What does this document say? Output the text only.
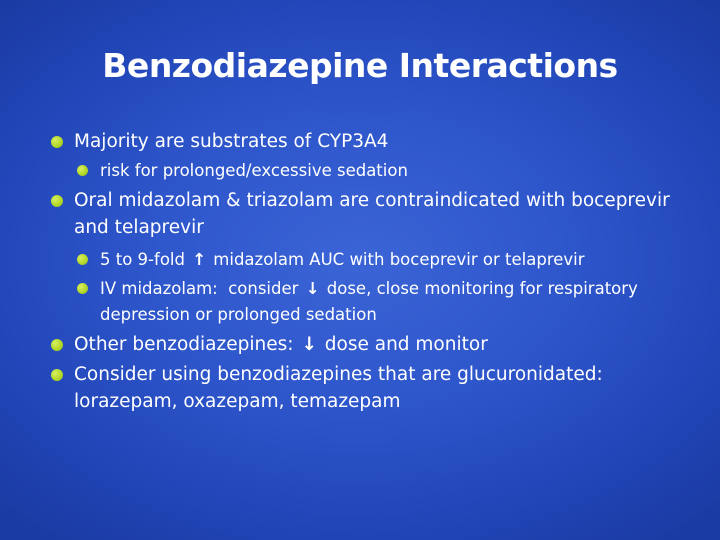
Benzodiazepine Interactions
Majority are substrates of CYP3A4
risk for prolonged/excessive sedation
Oral midazolam & triazolam are contraindicated with boceprevir and telaprevir
5 to 9-fold ↑ midazolam AUC with boceprevir or telaprevir
IV midazolam:  consider ↓ dose, close monitoring for respiratory depression or prolonged sedation
Other benzodiazepines: ↓ dose and monitor
Consider using benzodiazepines that are glucuronidated: lorazepam, oxazepam, temazepam
